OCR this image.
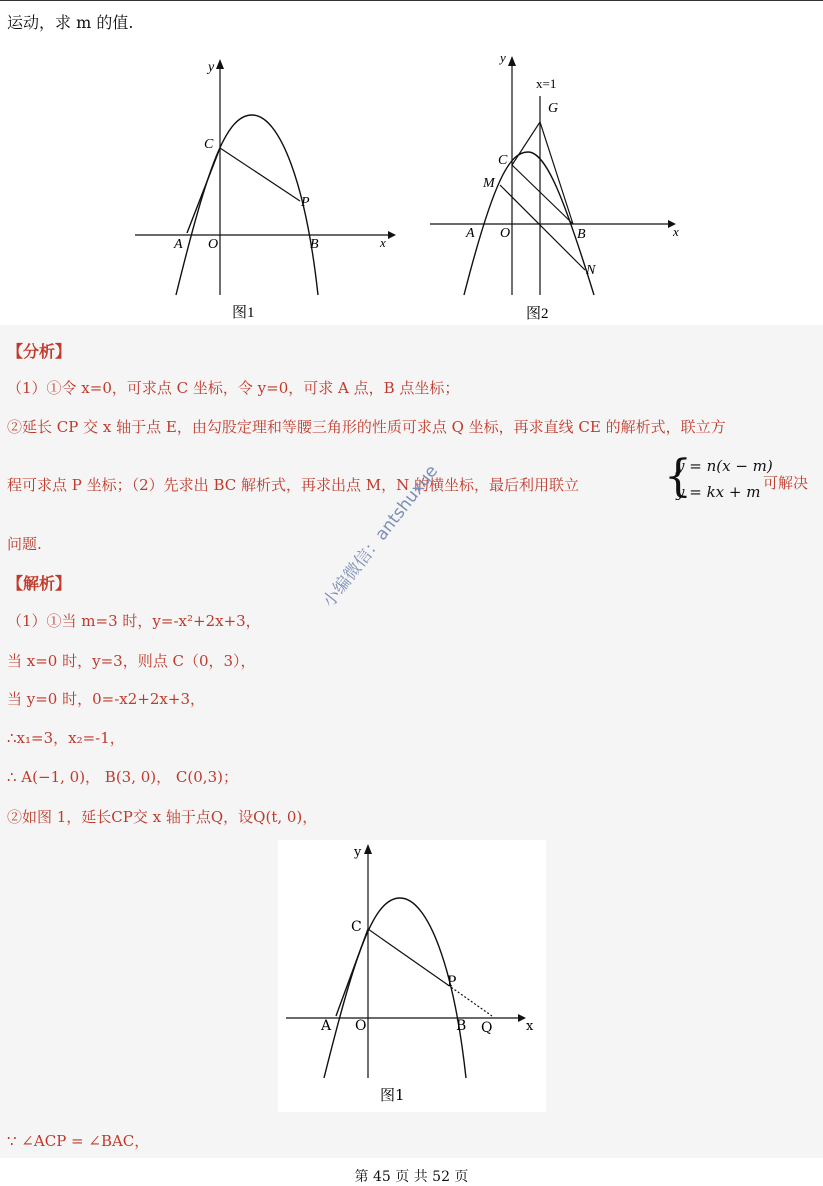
运动，求 m 的值.
y
x
C
P
A O	B
图1
y
x
x=1
G
C
M
A O	B
N
图2
【分析】
（1）①令 x=0，可求点 C 坐标，令 y=0，可求 A 点，B 点坐标；
②延长 CP 交 x 轴于点 E，由勾股定理和等腰三角形的性质可求点 Q 坐标，再求直线 CE 的解析式，联立方
程可求点 P 坐标；（2）先求出 BC 解析式，再求出点 M，N 的横坐标，最后利用联立 {
y = n(x − m)
y = kx + m 可解决
问题.
【解析】
（1）①当 m=3 时，y=-x²+2x+3，
当 x=0 时，y=3，则点 C（0，3），
当 y=0 时，0=-x2+2x+3，
∴x₁=3，x₂=-1，
∴ A(−1, 0)， B(3, 0)， C(0,3)；
②如图 1，延长CP交 x 轴于点Q，设Q(t, 0)，
y
x
C
P
A O	B Q
图1
∵ ∠ACP = ∠BAC，
小编微信：antshuxue
第 45 页 共 52 页
